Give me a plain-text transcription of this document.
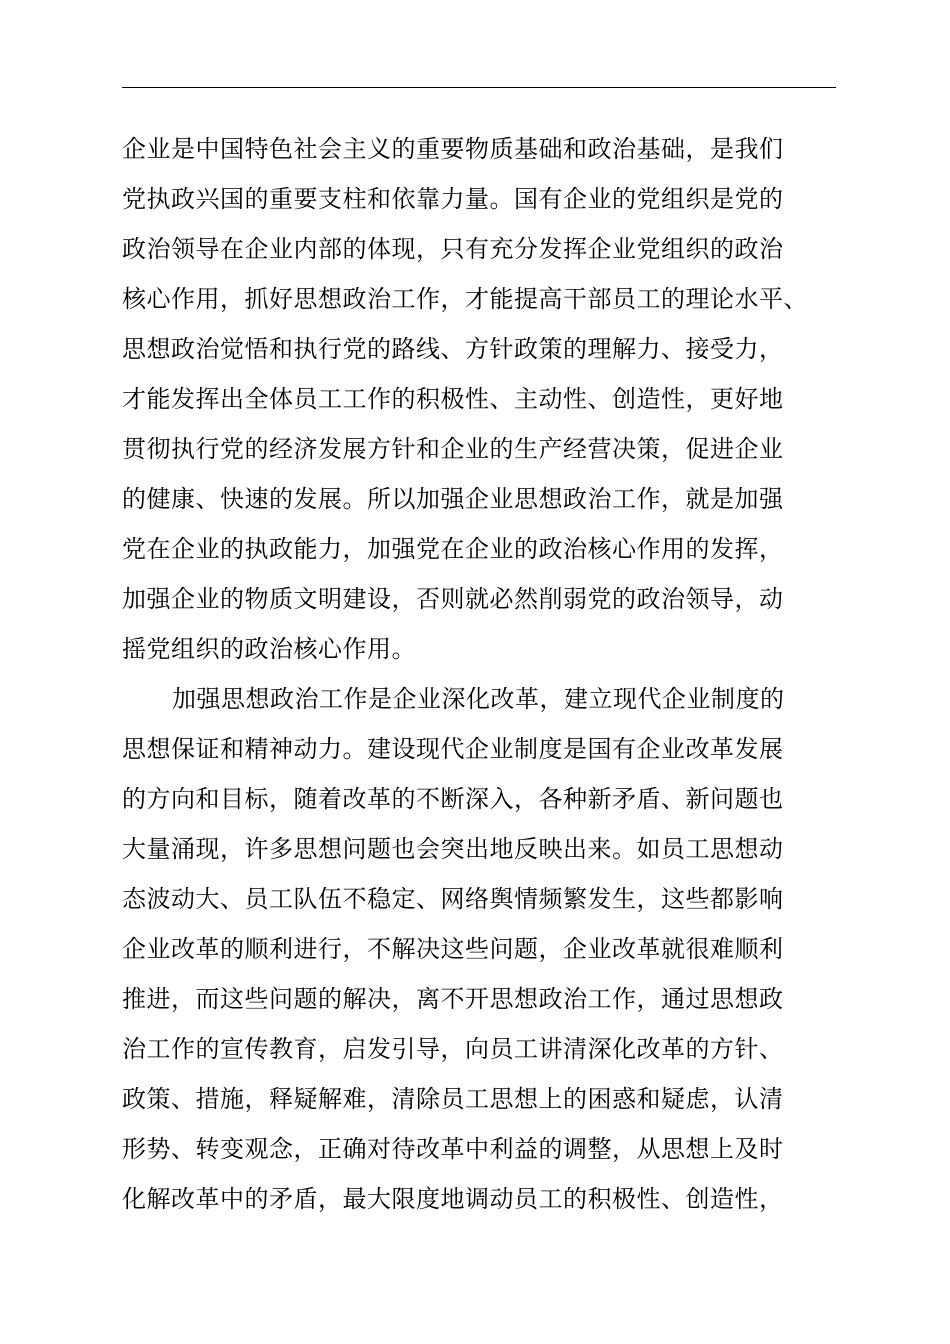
企业是中国特色社会主义的重要物质基础和政治基础，是我们
党执政兴国的重要支柱和依靠力量。国有企业的党组织是党的
政治领导在企业内部的体现，只有充分发挥企业党组织的政治
核心作用，抓好思想政治工作，才能提高干部员工的理论水平、
思想政治觉悟和执行党的路线、方针政策的理解力、接受力，
才能发挥出全体员工工作的积极性、主动性、创造性，更好地
贯彻执行党的经济发展方针和企业的生产经营决策，促进企业
的健康、快速的发展。所以加强企业思想政治工作，就是加强
党在企业的执政能力，加强党在企业的政治核心作用的发挥，
加强企业的物质文明建设，否则就必然削弱党的政治领导，动
摇党组织的政治核心作用。
加强思想政治工作是企业深化改革，建立现代企业制度的
思想保证和精神动力。建设现代企业制度是国有企业改革发展
的方向和目标，随着改革的不断深入，各种新矛盾、新问题也
大量涌现，许多思想问题也会突出地反映出来。如员工思想动
态波动大、员工队伍不稳定、网络舆情频繁发生，这些都影响
企业改革的顺利进行，不解决这些问题，企业改革就很难顺利
推进，而这些问题的解决，离不开思想政治工作，通过思想政
治工作的宣传教育，启发引导，向员工讲清深化改革的方针、
政策、措施，释疑解难，清除员工思想上的困惑和疑虑，认清
形势、转变观念，正确对待改革中利益的调整，从思想上及时
化解改革中的矛盾，最大限度地调动员工的积极性、创造性，
